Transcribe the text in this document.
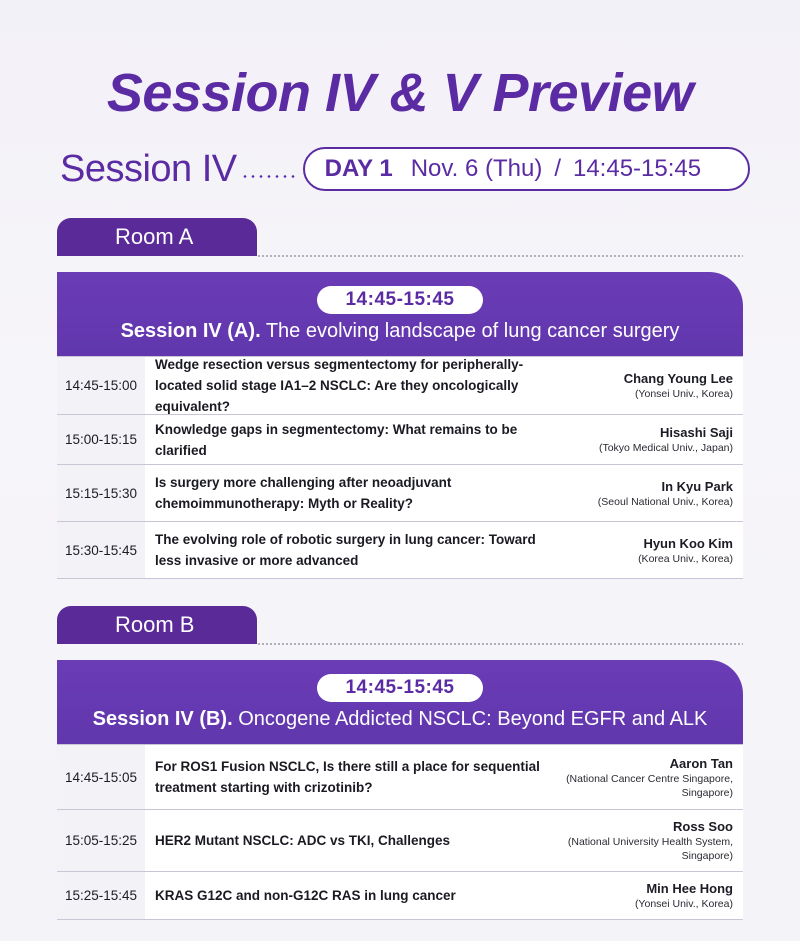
Session IV & V Preview
Session IV	DAY 1 Nov. 6 (Thu) / 14:45-15:45
Room A
14:45-15:45
Session IV (A). The evolving landscape of lung cancer surgery
14:45-15:00
Wedge resection versus segmentectomy for peripherally-located solid stage IA1–2 NSCLC: Are they oncologically equivalent?
Chang Young Lee
(Yonsei Univ., Korea)
15:00-15:15
Knowledge gaps in segmentectomy: What remains to be clarified
Hisashi Saji
(Tokyo Medical Univ., Japan)
15:15-15:30
Is surgery more challenging after neoadjuvant chemoimmunotherapy: Myth or Reality?
In Kyu Park
(Seoul National Univ., Korea)
15:30-15:45
The evolving role of robotic surgery in lung cancer: Toward less invasive or more advanced
Hyun Koo Kim
(Korea Univ., Korea)
Room B
14:45-15:45
Session IV (B). Oncogene Addicted NSCLC: Beyond EGFR and ALK
14:45-15:05
For ROS1 Fusion NSCLC, Is there still a place for sequential treatment starting with crizotinib?
Aaron Tan
(National Cancer Centre Singapore, Singapore)
15:05-15:25	HER2 Mutant NSCLC: ADC vs TKI, Challenges
Ross Soo
(National University Health System, Singapore)
15:25-15:45	KRAS G12C and non-G12C RAS in lung cancer	Min Hee Hong
(Yonsei Univ., Korea)
